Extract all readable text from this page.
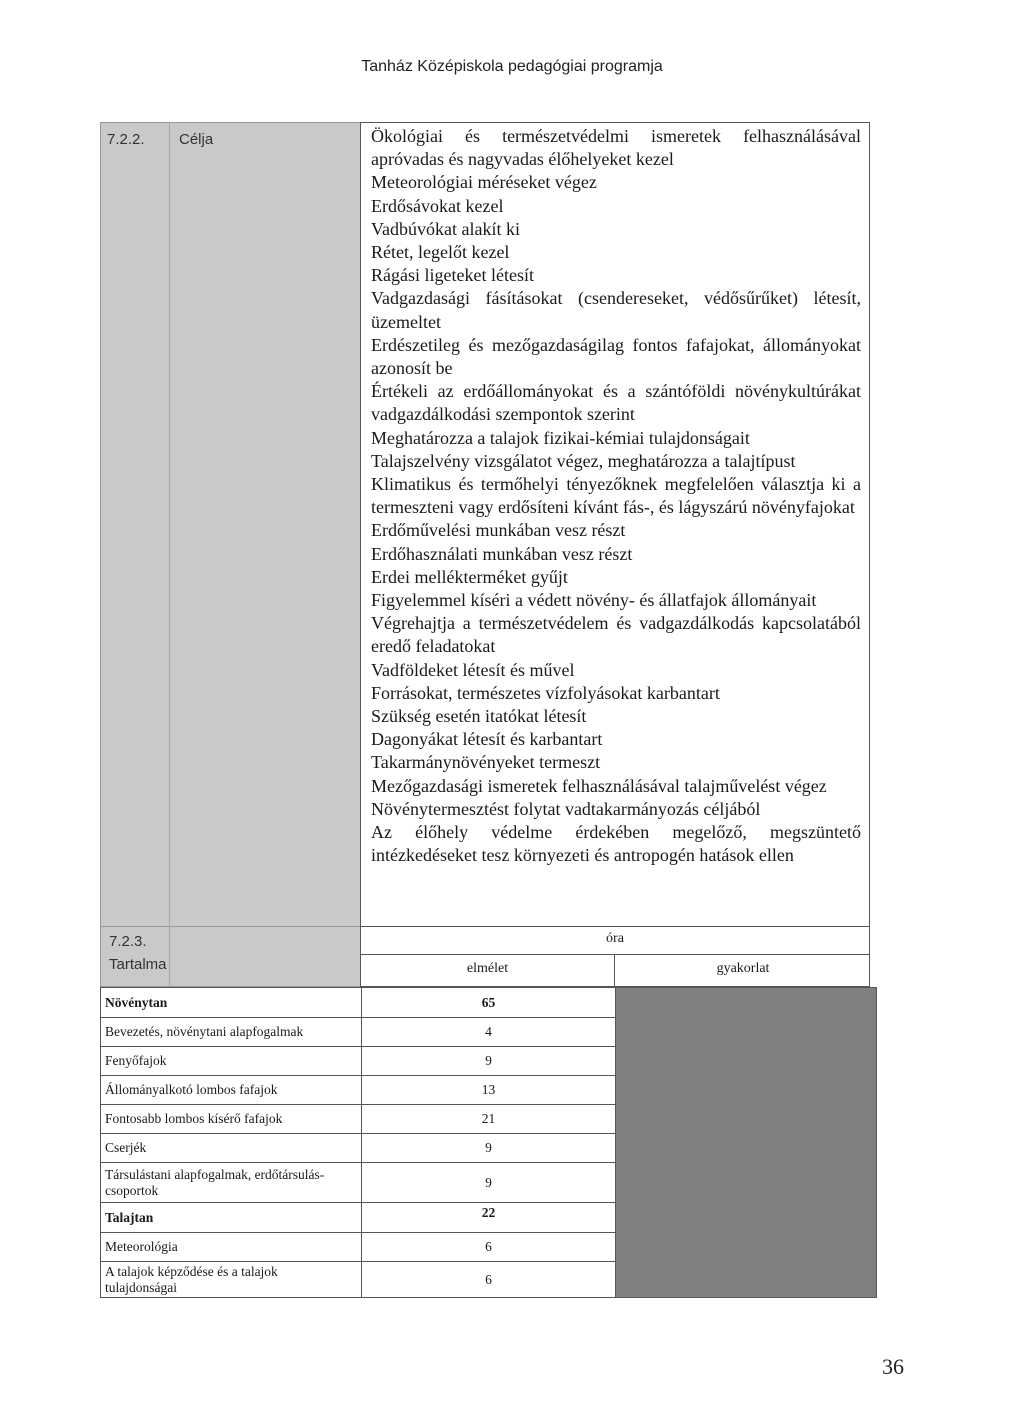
Tanház Középiskola pedagógiai programja
7.2.2. Célja	Ökológiai és természetvédelmi ismeretek felhasználásával apróvadas és nagyvadas élőhelyeket kezel

Meteorológiai méréseket végez

Erdősávokat kezel

Vadbúvókat alakít ki

Rétet, legelőt kezel

Rágási ligeteket létesít

Vadgazdasági fásításokat (csendereseket, védősűrűket) létesít, üzemeltet

Erdészetileg és mezőgazdaságilag fontos fafajokat, állományokat azonosít be

Értékeli az erdőállományokat és a szántóföldi növénykultúrákat vadgazdálkodási szempontok szerint

Meghatározza a talajok fizikai-kémiai tulajdonságait

Talajszelvény vizsgálatot végez, meghatározza a talajtípust

Klimatikus és termőhelyi tényezőknek megfelelően választja ki a termeszteni vagy erdősíteni kívánt fás-, és lágyszárú növényfajokat

Erdőművelési munkában vesz részt

Erdőhasználati munkában vesz részt

Erdei mellékterméket gyűjt

Figyelemmel kíséri a védett növény- és állatfajok állományait

Végrehajtja a természetvédelem és vadgazdálkodás kapcsolatából eredő feladatokat

Vadföldeket létesít és művel

Forrásokat, természetes vízfolyásokat karbantart

Szükség esetén itatókat létesít

Dagonyákat létesít és karbantart

Takarmánynövényeket termeszt

Mezőgazdasági ismeretek felhasználásával talajművelést végez

Növénytermesztést folytat vadtakarmányozás céljából

Az élőhely védelme érdekében megelőző, megszüntető intézkedéseket tesz környezeti és antropogén hatások ellen

7.2.3.
Tartalma
óra
elmélet	gyakorlat
Növénytan	65	
Bevezetés, növénytani alapfogalmak	4	
Fenyőfajok	9	
Állományalkotó lombos fafajok	13	
Fontosabb lombos kísérő fafajok	21	
Cserjék	9	

Társulástani alapfogalmak, erdőtársulás-
csoportok	9	
Talajtan	22	
Meteorológia	6	

A talajok képződése és a talajok
tulajdonságai	6	
36
